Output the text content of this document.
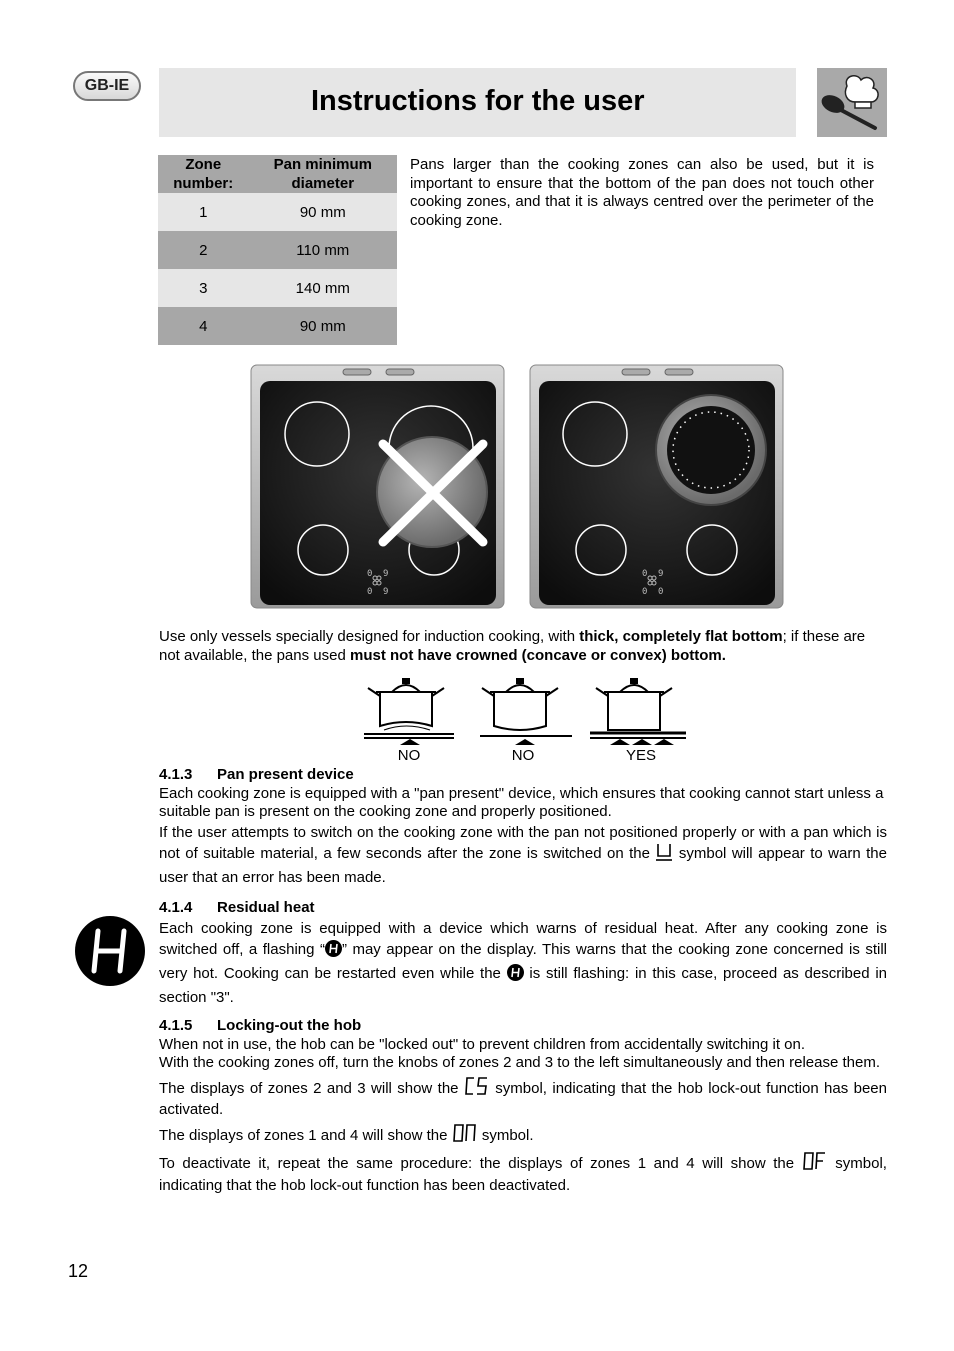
GB-IE	Instructions for the user
Zone
number:	Pan minimum
diameter
1	90 mm
2	110 mm
3	140 mm
4	90 mm
Pans larger than the cooking zones can also be used, but it is important to ensure that the bottom of the pan does not touch other cooking zones, and that it is always centred over the perimeter of the cooking zone.
0 9
0 9
0 9
0 0
Use only vessels specially designed for induction cooking, with thick, completely flat bottom; if these are not available, the pans used must not have crowned (concave or convex) bottom.
NO	NO	YES
4.1.3 Pan present device
Each cooking zone is equipped with a "pan present" device, which ensures that cooking cannot start unless a suitable pan is present on the cooking zone and properly positioned.
If the user attempts to switch on the cooking zone with the pan not positioned properly or with a pan which is not of suitable material, a few seconds after the zone is switched on the  symbol will appear to warn the user that an error has been made.
4.1.4 Residual heat
Each cooking zone is equipped with a device which warns of residual heat. After any cooking zone is switched off, a flashing “ ” may appear on the display. This warns that the cooking zone concerned is still very hot. Cooking can be restarted even while the  is still flashing: in this case, proceed as described in section "3".
4.1.5 Locking-out the hob
When not in use, the hob can be "locked out" to prevent children from accidentally switching it on.
With the cooking zones off, turn the knobs of zones 2 and 3 to the left simultaneously and then release them.
The displays of zones 2 and 3 will show the  symbol, indicating that the hob lock-out function has been activated.
The displays of zones 1 and 4 will show the  symbol.
To deactivate it, repeat the same procedure: the displays of zones 1 and 4 will show the  symbol, indicating that the hob lock-out function has been deactivated.
12
